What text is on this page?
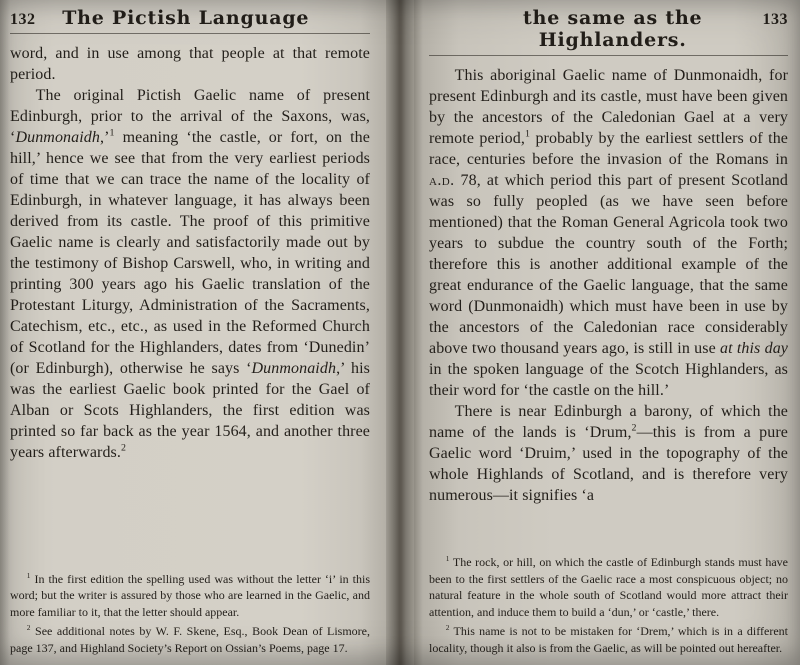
132	The Pictish Language

word, and in use among that people at that remote period.

The original Pictish Gaelic name of present Edinburgh, prior to the arrival of the Saxons, was, ‘Dunmonaidh,’$^1$ meaning ‘the castle, or fort, on the hill,’ hence we see that from the very earliest periods of time that we can trace the name of the locality of Edinburgh, in whatever language, it has always been derived from its castle. The proof of this primitive Gaelic name is clearly and satisfactorily made out by the testimony of Bishop Carswell, who, in writing and printing 300 years ago his Gaelic translation of the Protestant Liturgy, Administration of the Sacraments, Catechism, etc., etc., as used in the Reformed Church of Scotland for the Highlanders, dates from ‘Dunedin’ (or Edinburgh), otherwise he says ‘Dunmonaidh,’ his was the earliest Gaelic book printed for the Gael of Alban or Scots Highlanders, the first edition was printed so far back as the year 1564, and another three years afterwards.$^2$

$^1$ In the first edition the spelling used was without the letter ‘i’ in this word; but the writer is assured by those who are learned in the Gaelic, and more familiar to it, that the letter should appear.

$^2$ See additional notes by W. F. Skene, Esq., Book Dean of Lismore, page 137, and Highland Society’s Report on Ossian’s Poems, page 17.

the same as the Highlanders.
133

This aboriginal Gaelic name of Dunmonaidh, for present Edinburgh and its castle, must have been given by the ancestors of the Caledonian Gael at a very remote period,$^1$ probably by the earliest settlers of the race, centuries before the invasion of the Romans in a.d. 78, at which period this part of present Scotland was so fully peopled (as we have seen before mentioned) that the Roman General Agricola took two years to subdue the country south of the Forth; therefore this is another additional example of the great endurance of the Gaelic language, that the same word (Dunmonaidh) which must have been in use by the ancestors of the Caledonian race considerably above two thousand years ago, is still in use at this day in the spoken language of the Scotch Highlanders, as their word for ‘the castle on the hill.’

There is near Edinburgh a barony, of which the name of the lands is ‘Drum,$^2$—this is from a pure Gaelic word ‘Druim,’ used in the topography of the whole Highlands of Scotland, and is therefore very numerous—it signifies ‘a

$^1$ The rock, or hill, on which the castle of Edinburgh stands must have been to the first settlers of the Gaelic race a most conspicuous object; no natural feature in the whole south of Scotland would more attract their attention, and induce them to build a ‘dun,’ or ‘castle,’ there.

$^2$ This name is not to be mistaken for ‘Drem,’ which is in a different locality, though it also is from the Gaelic, as will be pointed out hereafter.
